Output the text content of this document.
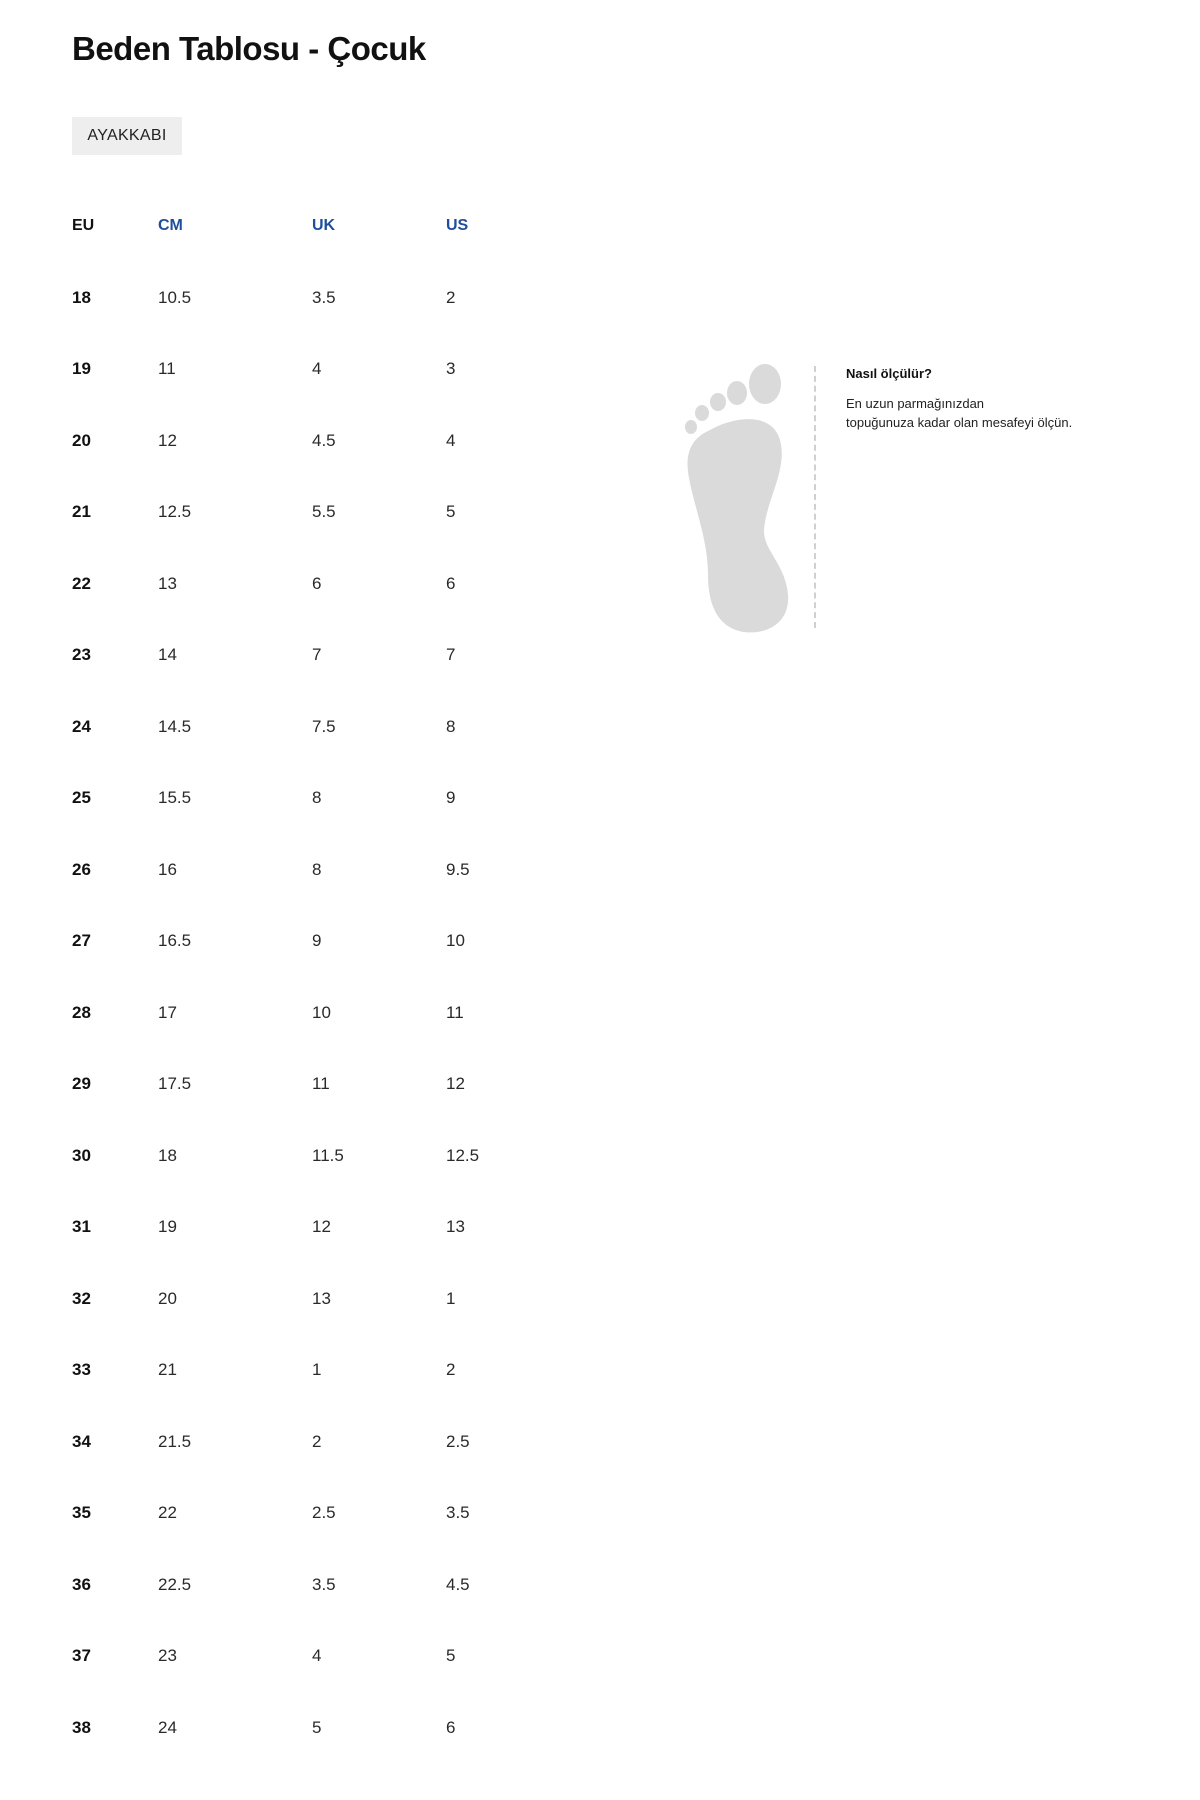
Beden Tablosu - Çocuk
AYAKKABI
EU	CM	UK	US
18	10.5	3.5	2
19	11	4	3
20	12	4.5	4
21	12.5	5.5	5
22	13	6	6
23	14	7	7
24	14.5	7.5	8
25	15.5	8	9
26	16	8	9.5
27	16.5	9	10
28	17	10	11
29	17.5	11	12
30	18	11.5	12.5
31	19	12	13
32	20	13	1
33	21	1	2
34	21.5	2	2.5
35	22	2.5	3.5
36	22.5	3.5	4.5
37	23	4	5
38	24	5	6
Nasıl ölçülür?
En uzun parmağınızdan
topuğunuza kadar olan mesafeyi ölçün.
